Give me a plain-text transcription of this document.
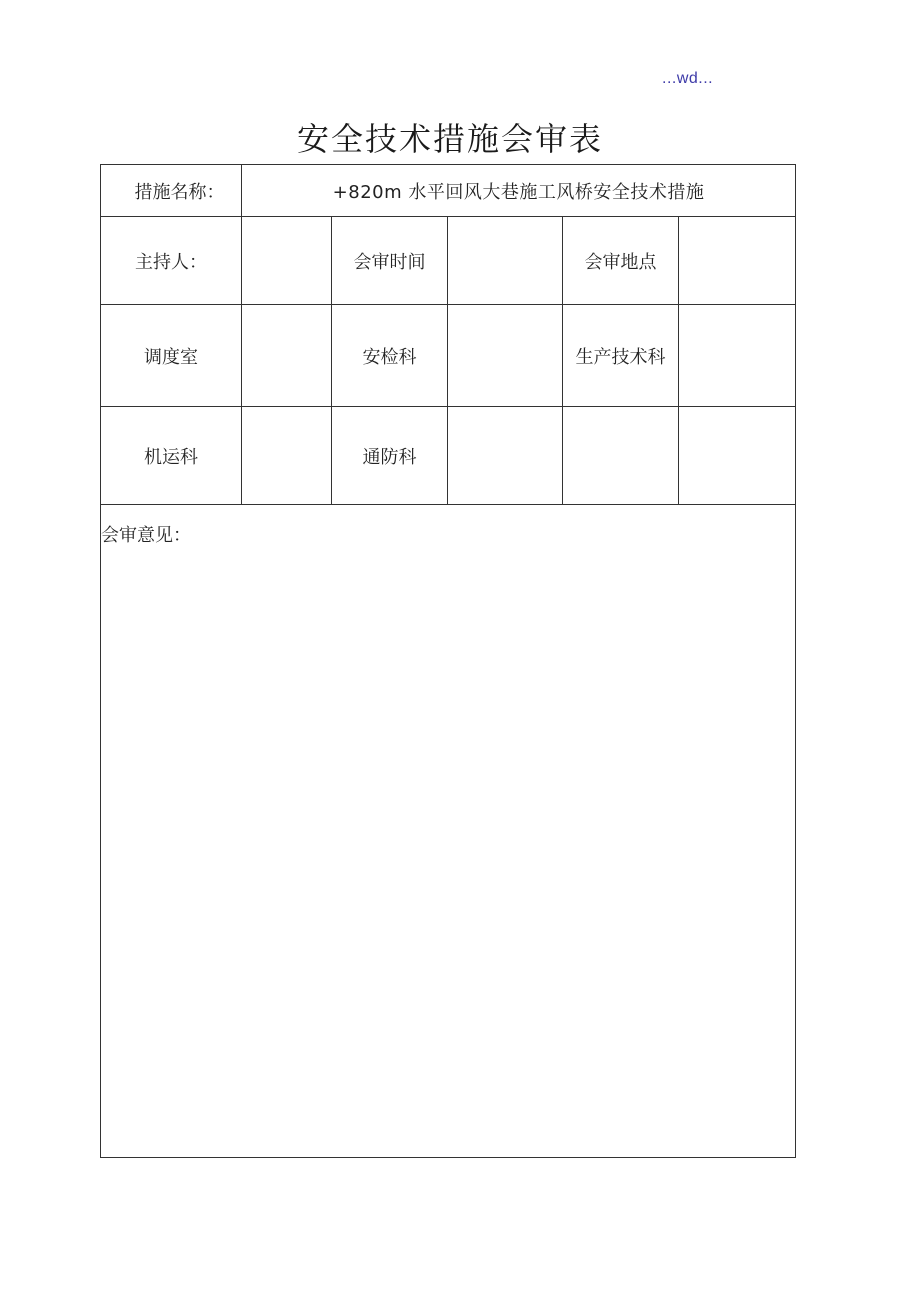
...wd...
安全技术措施会审表
措施名称：	+820m 水平回风大巷施工风桥安全技术措施				
主持人：		会审时间		会审地点	
调度室		安检科		生产技术科	
机运科		通防科			
会审意见：					
